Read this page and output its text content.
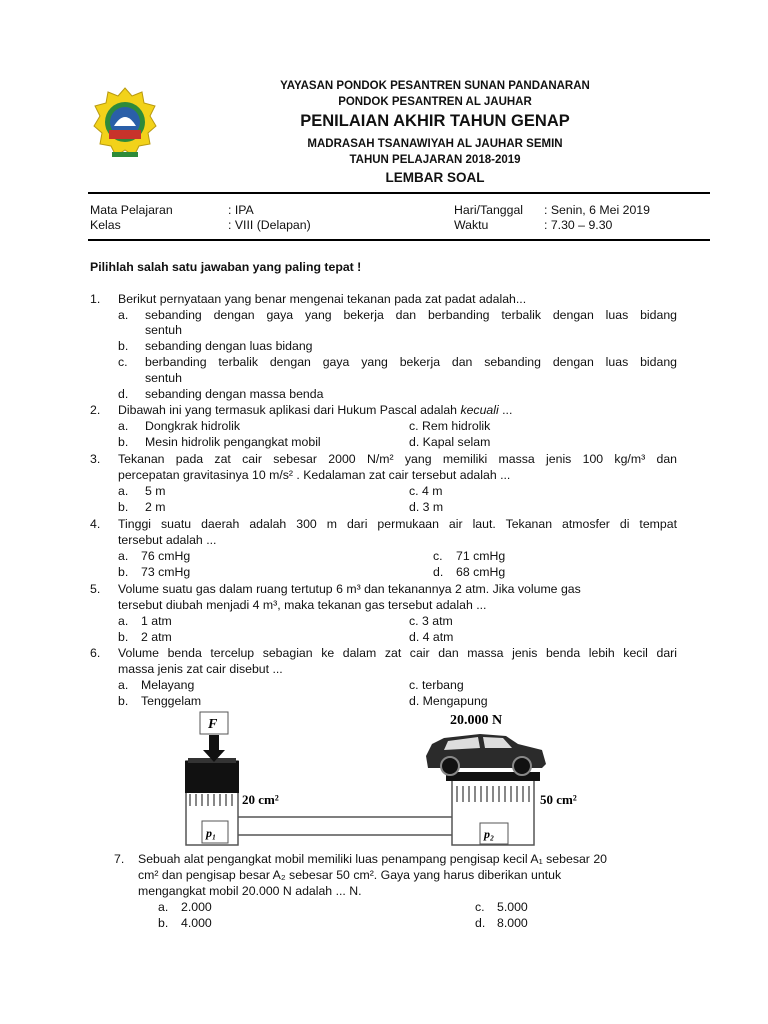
YAYASAN PONDOK PESANTREN SUNAN PANDANARAN
PONDOK PESANTREN AL JAUHAR
PENILAIAN AKHIR TAHUN GENAP
MADRASAH TSANAWIYAH AL JAUHAR SEMIN
TAHUN PELAJARAN 2018-2019
LEMBAR SOAL
Mata Pelajaran	: IPA
Kelas	: VIII (Delapan)
Hari/Tanggal : Senin, 6 Mei 2019
Waktu	: 7.30 – 9.30
Pilihlah salah satu jawaban yang paling tepat !
1. Berikut pernyataan yang benar mengenai tekanan pada zat padat adalah...
a. sebanding dengan gaya yang bekerja dan berbanding terbalik dengan luas bidang
sentuh
b. sebanding dengan luas bidang
c. berbanding terbalik dengan gaya yang bekerja dan sebanding dengan luas bidang
sentuh
d. sebanding dengan massa benda
2. Dibawah ini yang termasuk aplikasi dari Hukum Pascal adalah kecuali ...
a. Dongkrak hidrolik
b. Mesin hidrolik pengangkat mobil
c. Rem hidrolik
d. Kapal selam
3. Tekanan pada zat cair sebesar 2000 N/m² yang memiliki massa jenis 100 kg/m³ dan
percepatan gravitasinya 10 m/s² . Kedalaman zat cair tersebut adalah ...
a. 5 m
b. 2 m
c. 4 m
d. 3 m
4. Tinggi suatu daerah adalah 300 m dari permukaan air laut. Tekanan atmosfer di tempat
tersebut adalah ...
a. 76 cmHg
b. 73 cmHg
c. 71 cmHg
d. 68 cmHg
5. Volume suatu gas dalam ruang tertutup 6 m³ dan tekanannya 2 atm. Jika volume gas
tersebut diubah menjadi 4 m³, maka tekanan gas tersebut adalah ...
a. 1 atm
b. 2 atm
c. 3 atm
d. 4 atm
6. Volume benda tercelup sebagian ke dalam zat cair dan massa jenis benda lebih kecil dari
massa jenis zat cair disebut ...
a. Melayang
b. Tenggelam
c. terbang
d. Mengapung
F
20 cm²
p₁
50 cm²
p₂
20.000 N
7. Sebuah alat pengangkat mobil memiliki luas penampang pengisap kecil A₁ sebesar 20
cm² dan pengisap besar A₂ sebesar 50 cm². Gaya yang harus diberikan untuk
mengangkat mobil 20.000 N adalah ... N.
a. 2.000
b. 4.000
c. 5.000
d. 8.000
